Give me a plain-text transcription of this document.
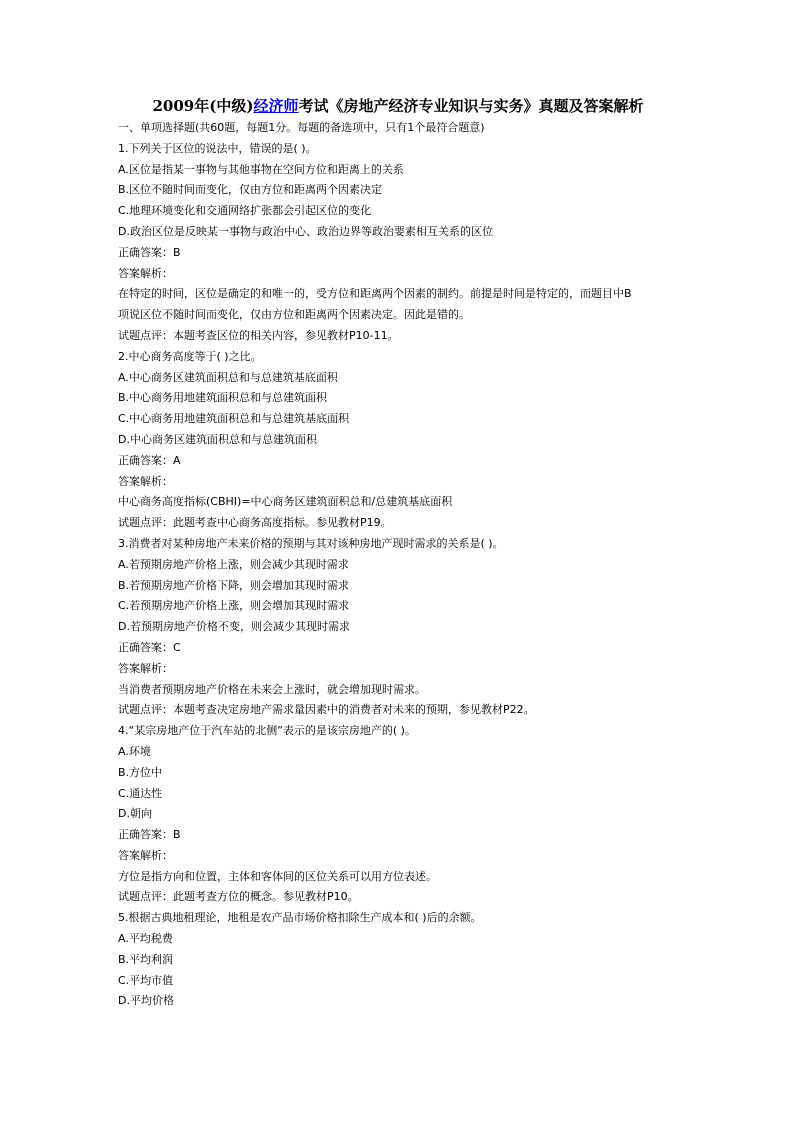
2009年(中级)经济师考试《房地产经济专业知识与实务》真题及答案解析
一、单项选择题(共60题，每题1分。每题的备选项中，只有1个最符合题意)
1.下列关于区位的说法中，错误的是( )。
A.区位是指某一事物与其他事物在空间方位和距离上的关系
B.区位不随时间而变化，仅由方位和距离两个因素决定
C.地理环境变化和交通网络扩张都会引起区位的变化
D.政治区位是反映某一事物与政治中心、政治边界等政治要素相互关系的区位
正确答案：B
答案解析：
在特定的时间，区位是确定的和唯一的，受方位和距离两个因素的制约。前提是时间是特定的，而题目中B
项说区位不随时间而变化，仅由方位和距离两个因素决定。因此是错的。
试题点评：本题考查区位的相关内容，参见教材P10-11。
2.中心商务高度等于( )之比。
A.中心商务区建筑面积总和与总建筑基底面积
B.中心商务用地建筑面积总和与总建筑面积
C.中心商务用地建筑面积总和与总建筑基底面积
D.中心商务区建筑面积总和与总建筑面积
正确答案：A
答案解析：
中心商务高度指标(CBHI)=中心商务区建筑面积总和/总建筑基底面积
试题点评：此题考查中心商务高度指标。参见教材P19。
3.消费者对某种房地产未来价格的预期与其对该种房地产现时需求的关系是( )。
A.若预期房地产价格上涨，则会减少其现时需求
B.若预期房地产价格下降，则会增加其现时需求
C.若预期房地产价格上涨，则会增加其现时需求
D.若预期房地产价格不变，则会减少其现时需求
正确答案：C
答案解析：
当消费者预期房地产价格在未来会上涨时，就会增加现时需求。
试题点评：本题考查决定房地产需求量因素中的消费者对未来的预期，参见教材P22。
4.“某宗房地产位于汽车站的北侧”表示的是该宗房地产的( )。
A.环境
B.方位中
C.通达性
D.朝向
正确答案：B
答案解析：
方位是指方向和位置，主体和客体间的区位关系可以用方位表述。
试题点评：此题考查方位的概念。参见教材P10。
5.根据古典地租理论，地租是农产品市场价格扣除生产成本和( )后的余额。
A.平均税费
B.平均利润
C.平均市值
D.平均价格
